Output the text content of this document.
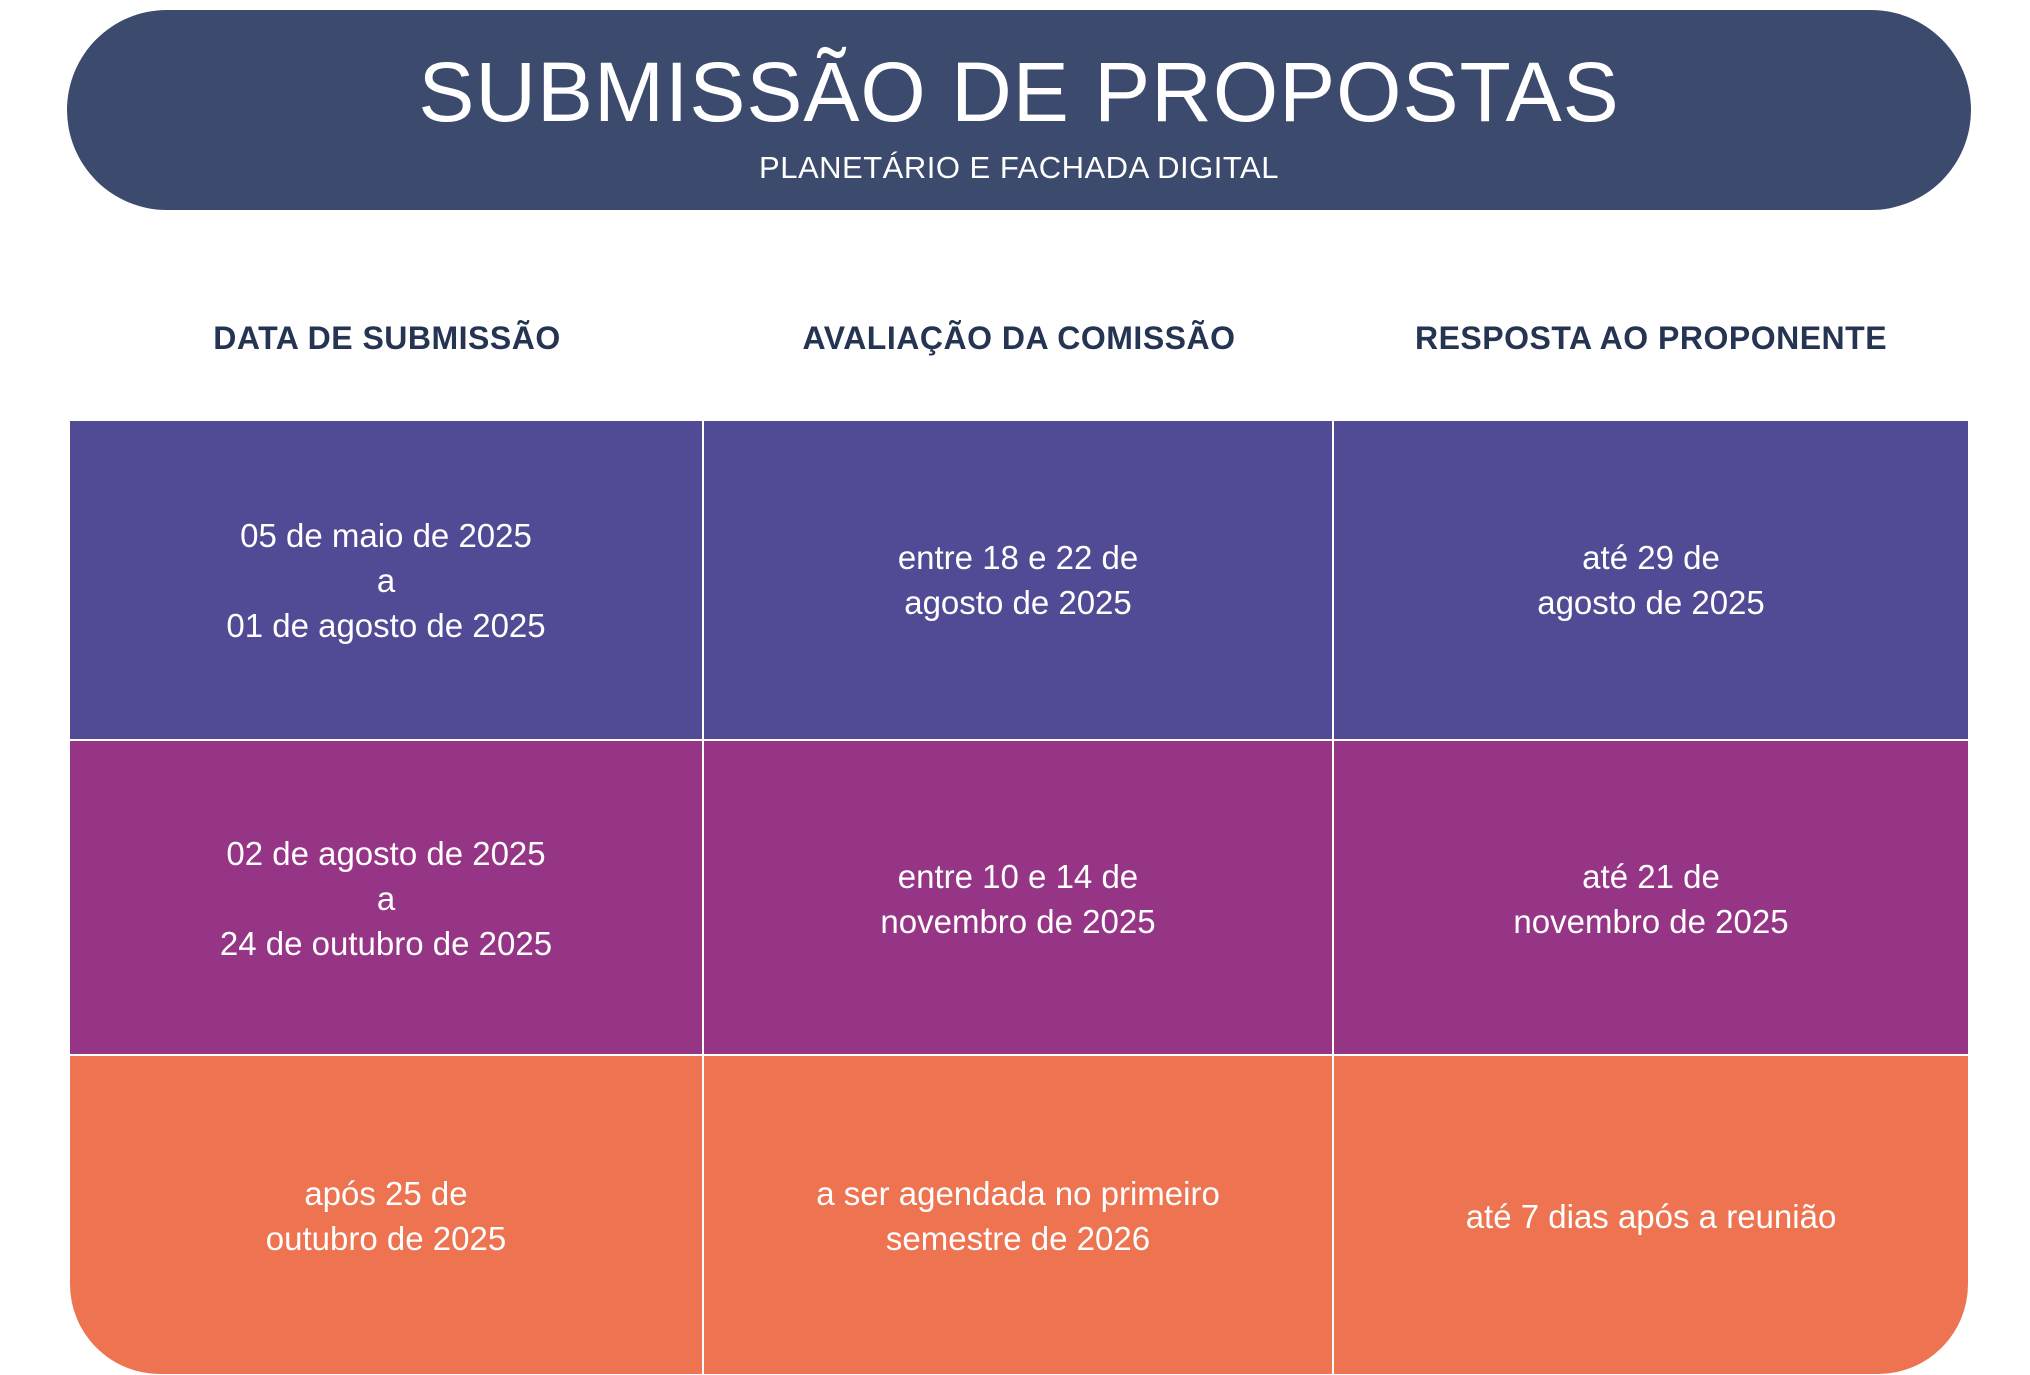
SUBMISSÃO DE PROPOSTAS
PLANETÁRIO E FACHADA DIGITAL
DATA DE SUBMISSÃO	AVALIAÇÃO DA COMISSÃO	RESPOSTA AO PROPONENTE
05 de maio de 2025
a
01 de agosto de 2025
entre 18 e 22 de
agosto de 2025
até 29 de
agosto de 2025
02 de agosto de 2025
a
24 de outubro de 2025
entre 10 e 14 de
novembro de 2025
até 21 de
novembro de 2025
após 25 de
outubro de 2025
a ser agendada no primeiro
semestre de 2026
até 7 dias após a reunião
